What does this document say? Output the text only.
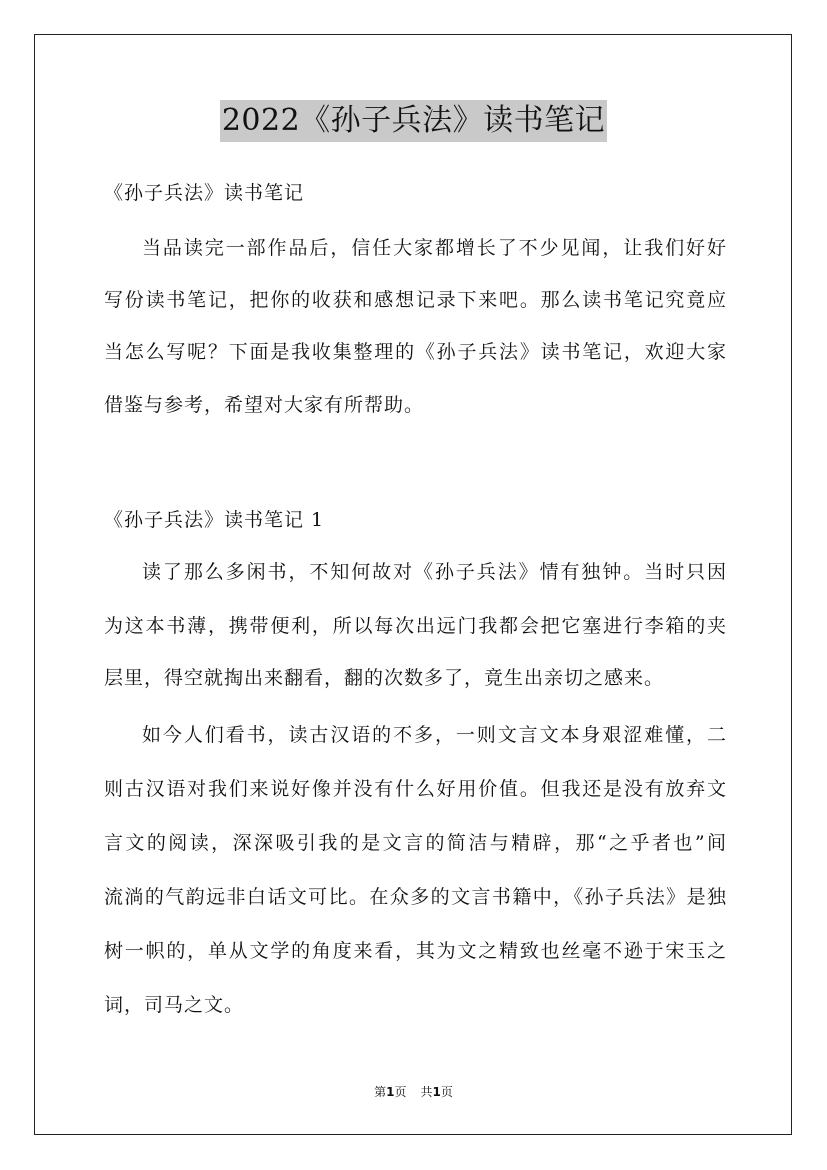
2022《孙子兵法》读书笔记
《孙子兵法》读书笔记
当品读完一部作品后，信任大家都增长了不少见闻，让我们好好
写份读书笔记，把你的收获和感想记录下来吧。那么读书笔记究竟应
当怎么写呢？下面是我收集整理的《孙子兵法》读书笔记，欢迎大家
借鉴与参考，希望对大家有所帮助。
《孙子兵法》读书笔记 1
读了那么多闲书，不知何故对《孙子兵法》情有独钟。当时只因
为这本书薄，携带便利，所以每次出远门我都会把它塞进行李箱的夹
层里，得空就掏出来翻看，翻的次数多了，竟生出亲切之感来。
如今人们看书，读古汉语的不多，一则文言文本身艰涩难懂，二
则古汉语对我们来说好像并没有什么好用价值。但我还是没有放弃文
言文的阅读，深深吸引我的是文言的简洁与精辟，那“之乎者也”间
流淌的气韵远非白话文可比。在众多的文言书籍中，《孙子兵法》是独
树一帜的，单从文学的角度来看，其为文之精致也丝毫不逊于宋玉之
词，司马之文。
第1页 共1页
